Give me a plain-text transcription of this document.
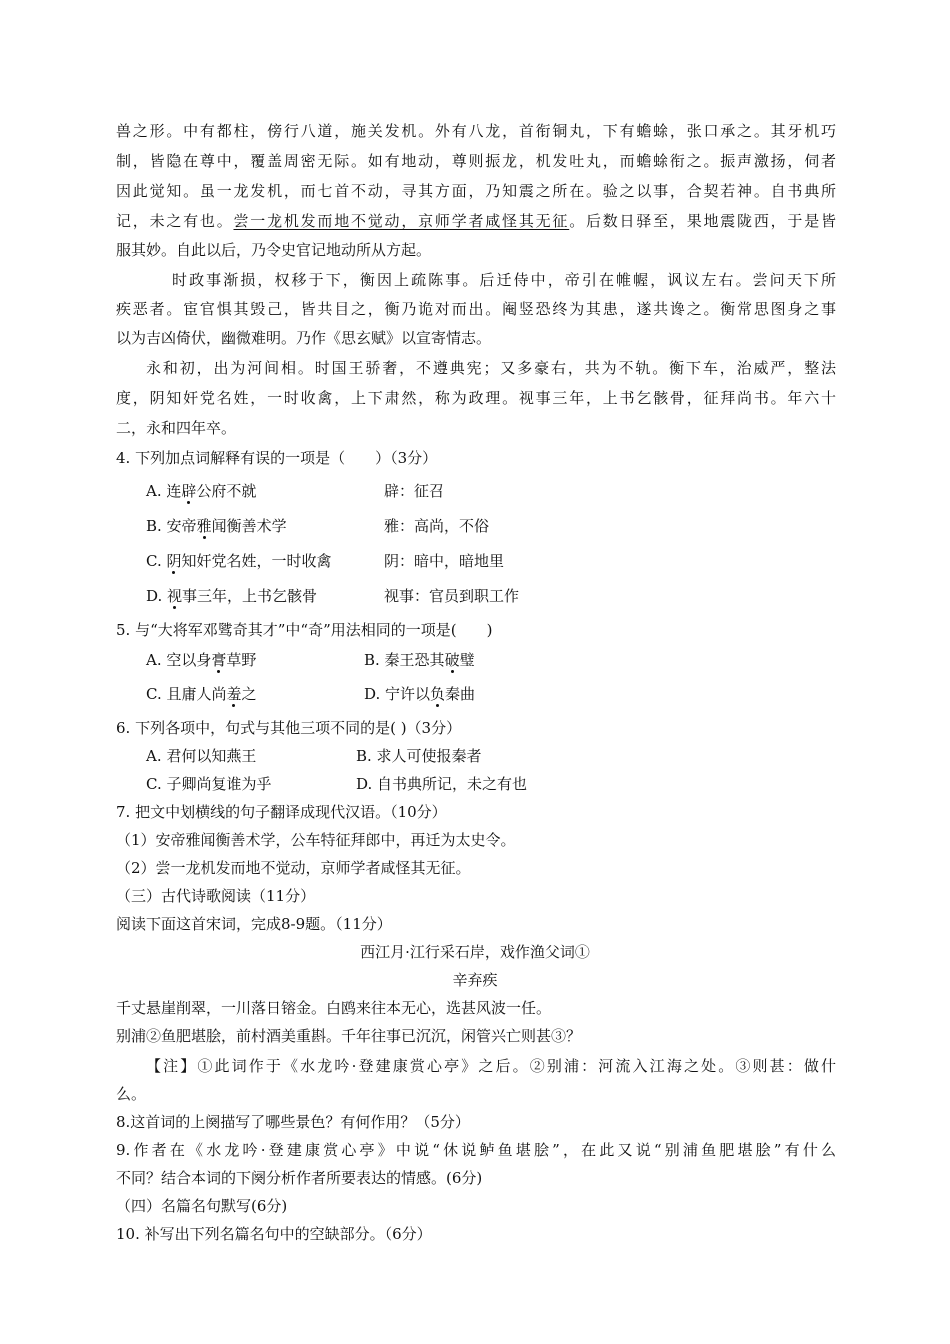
兽之形。中有都柱，傍行八道，施关发机。外有八龙，首衔铜丸，下有蟾蜍，张口承之。其牙机巧
制，皆隐在尊中，覆盖周密无际。如有地动，尊则振龙，机发吐丸，而蟾蜍衔之。振声激扬，伺者
因此觉知。虽一龙发机，而七首不动，寻其方面，乃知震之所在。验之以事，合契若神。自书典所
记，未之有也。尝一龙机发而地不觉动，京师学者咸怪其无征。后数日驿至，果地震陇西，于是皆
服其妙。自此以后，乃令史官记地动所从方起。
时政事渐损，权移于下，衡因上疏陈事。后迁侍中，帝引在帷幄，讽议左右。尝问天下所
疾恶者。宦官惧其毁己，皆共目之，衡乃诡对而出。阉竖恐终为其患，遂共谗之。衡常思图身之事
以为吉凶倚伏，幽微难明。乃作《思玄赋》以宣寄情志。
永和初，出为河间相。时国王骄奢，不遵典宪；又多豪右，共为不轨。衡下车，治威严，整法
度，阴知奸党名姓，一时收禽，上下肃然，称为政理。视事三年，上书乞骸骨，征拜尚书。年六十
二，永和四年卒。
4. 下列加点词解释有误的一项是（　　）（3分）
A. 连辟公府不就	辟：征召
B. 安帝雅闻衡善术学	雅：高尚，不俗
C. 阴知奸党名姓，一时收禽	阴：暗中，暗地里
D. 视事三年，上书乞骸骨	视事：官员到职工作
5. 与“大将军邓骘奇其才”中“奇”用法相同的一项是(　　)
A. 空以身膏草野	B. 秦王恐其破璧
C. 且庸人尚羞之	D. 宁许以负秦曲
6. 下列各项中，句式与其他三项不同的是( )（3分）
A. 君何以知燕王	B. 求人可使报秦者
C. 子卿尚复谁为乎	D. 自书典所记，未之有也
7. 把文中划横线的句子翻译成现代汉语。（10分）
（1）安帝雅闻衡善术学，公车特征拜郎中，再迁为太史令。
（2）尝一龙机发而地不觉动，京师学者咸怪其无征。
（三）古代诗歌阅读（11分）
阅读下面这首宋词，完成8-9题。（11分）
西江月·江行采石岸，戏作渔父词①
辛弃疾
千丈悬崖削翠，一川落日镕金。白鸥来往本无心，选甚风波一任。
别浦②鱼肥堪脍，前村酒美重斟。千年往事已沉沉，闲管兴亡则甚③？
【注】①此词作于《水龙吟·登建康赏心亭》之后。②别浦：河流入江海之处。③则甚：做什
么。
8.这首词的上阕描写了哪些景色？有何作用？（5分）
9.作者在《水龙吟·登建康赏心亭》中说“休说鲈鱼堪脍”，在此又说“别浦鱼肥堪脍”有什么
不同？结合本词的下阕分析作者所要表达的情感。(6分)
（四）名篇名句默写(6分)
10. 补写出下列名篇名句中的空缺部分。（6分）
